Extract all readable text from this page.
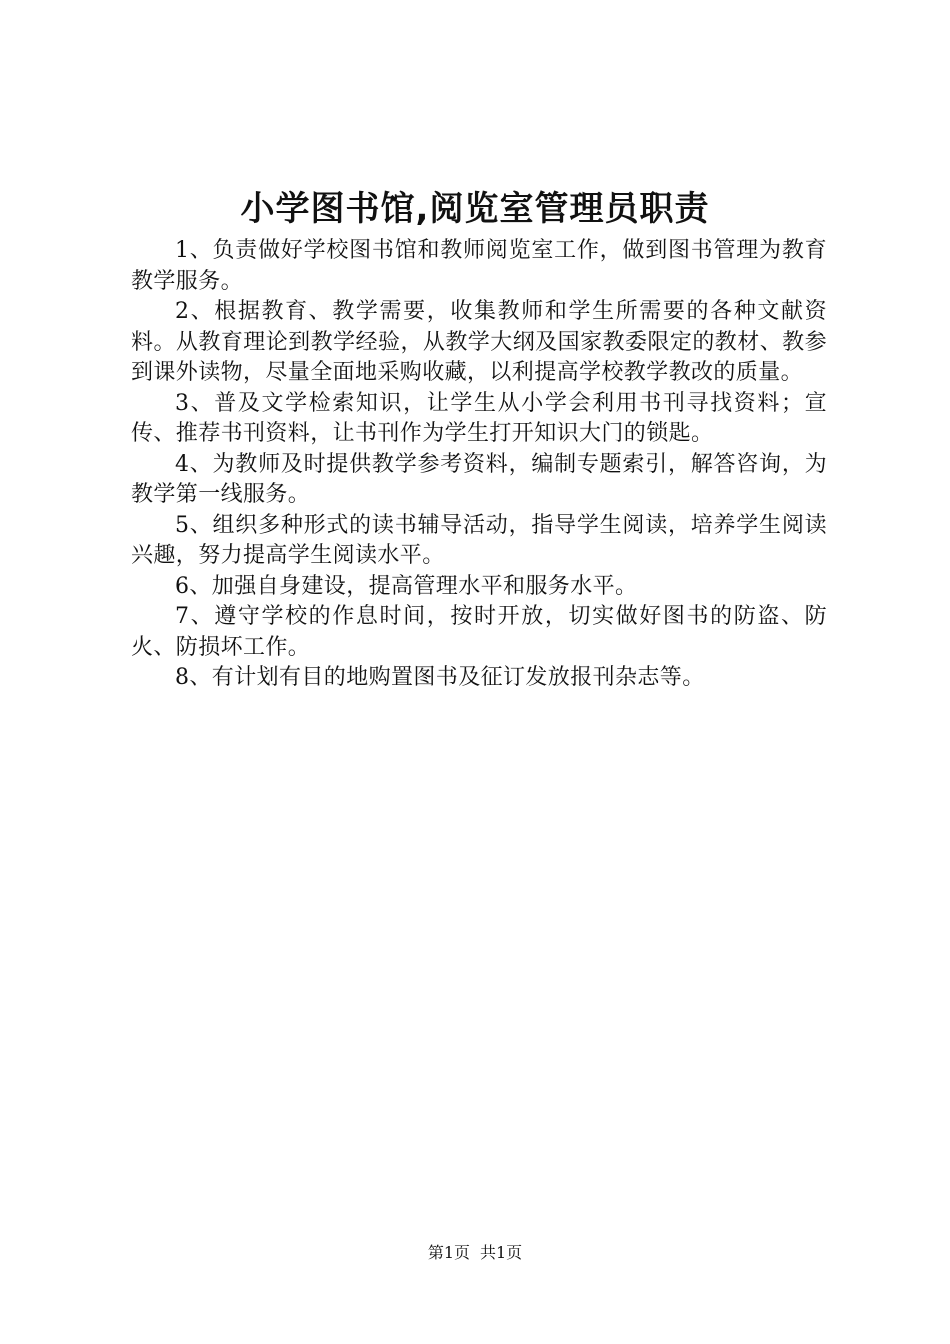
小学图书馆,阅览室管理员职责

1、负责做好学校图书馆和教师阅览室工作，做到图书管理为教育教学服务。

2、根据教育、教学需要，收集教师和学生所需要的各种文献资料。从教育理论到教学经验，从教学大纲及国家教委限定的教材、教参到课外读物，尽量全面地采购收藏，以利提高学校教学教改的质量。

3、普及文学检索知识，让学生从小学会利用书刊寻找资料；宣传、推荐书刊资料，让书刊作为学生打开知识大门的锁匙。

4、为教师及时提供教学参考资料，编制专题索引，解答咨询，为教学第一线服务。

5、组织多种形式的读书辅导活动，指导学生阅读，培养学生阅读兴趣，努力提高学生阅读水平。

6、加强自身建设，提高管理水平和服务水平。

7、遵守学校的作息时间，按时开放，切实做好图书的防盗、防火、防损坏工作。

8、有计划有目的地购置图书及征订发放报刊杂志等。

第1页 共1页
